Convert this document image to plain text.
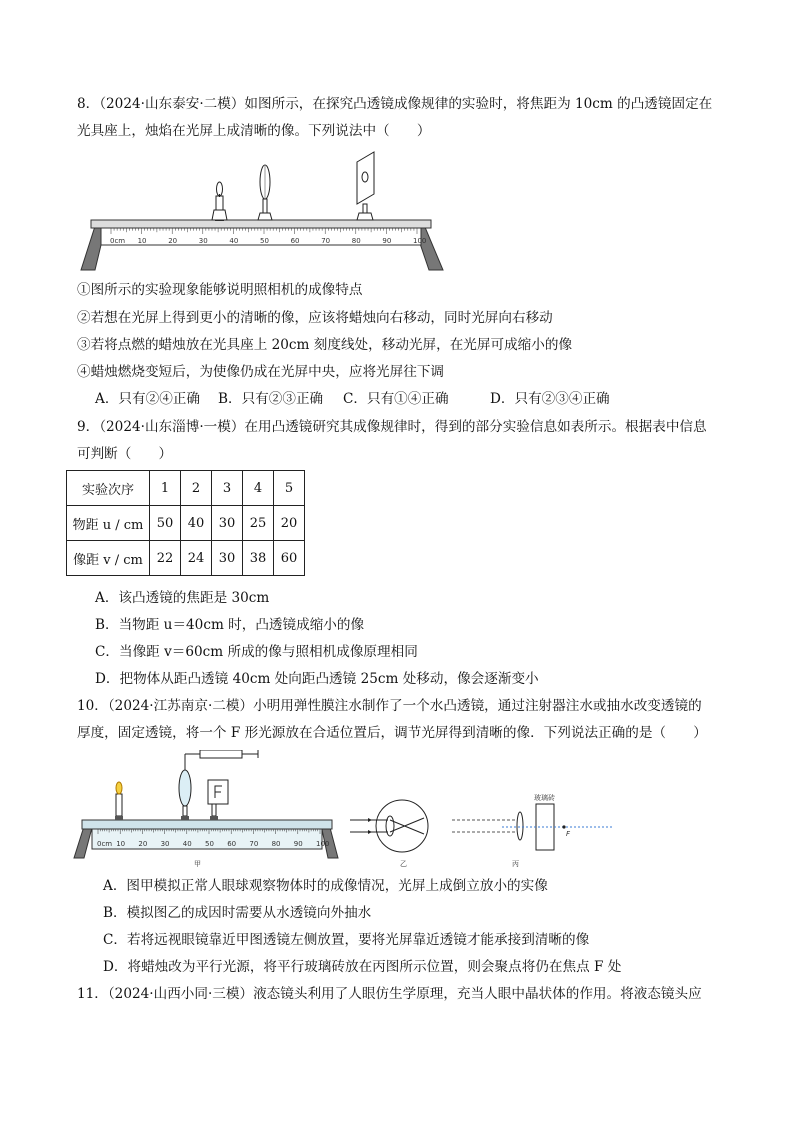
8．（2024·山东泰安·二模）如图所示，在探究凸透镜成像规律的实验时，将焦距为 10cm 的凸透镜固定在
光具座上，烛焰在光屏上成清晰的像。下列说法中（　　）
0cm 10	20	30	40	50	60	70	80	90	100
①图所示的实验现象能够说明照相机的成像特点
②若想在光屏上得到更小的清晰的像，应该将蜡烛向右移动，同时光屏向右移动
③若将点燃的蜡烛放在光具座上 20cm 刻度线处，移动光屏，在光屏可成缩小的像
④蜡烛燃烧变短后，为使像仍成在光屏中央，应将光屏往下调
A．只有②④正确 B．只有②③正确 C．只有①④正确	D．只有②③④正确
9．（2024·山东淄博·一模）在用凸透镜研究其成像规律时，得到的部分实验信息如表所示。根据表中信息
可判断（　　）
实验次序	1	2	3	4	5
物距 u / cm	50	40	30	25	20
像距 v / cm	22	24	30	38	60
A．该凸透镜的焦距是 30cm
B．当物距 u＝40cm 时，凸透镜成缩小的像
C．当像距 v＝60cm 所成的像与照相机成像原理相同
D．把物体从距凸透镜 40cm 处向距凸透镜 25cm 处移动，像会逐渐变小
10．（2024·江苏南京·二模）小明用弹性膜注水制作了一个水凸透镜，通过注射器注水或抽水改变透镜的
厚度，固定透镜，将一个 F 形光源放在合适位置后，调节光屏得到清晰的像．下列说法正确的是（　　）
0cm 10 20 30 40 50 60 70 80 90 100
甲	乙
玻璃砖
F
丙
A．图甲模拟正常人眼球观察物体时的成像情况，光屏上成倒立放小的实像
B．模拟图乙的成因时需要从水透镜向外抽水
C．若将远视眼镜靠近甲图透镜左侧放置，要将光屏靠近透镜才能承接到清晰的像
D．将蜡烛改为平行光源，将平行玻璃砖放在丙图所示位置，则会聚点将仍在焦点 F 处
11．（2024·山西小同·三模）液态镜头利用了人眼仿生学原理，充当人眼中晶状体的作用。将液态镜头应
